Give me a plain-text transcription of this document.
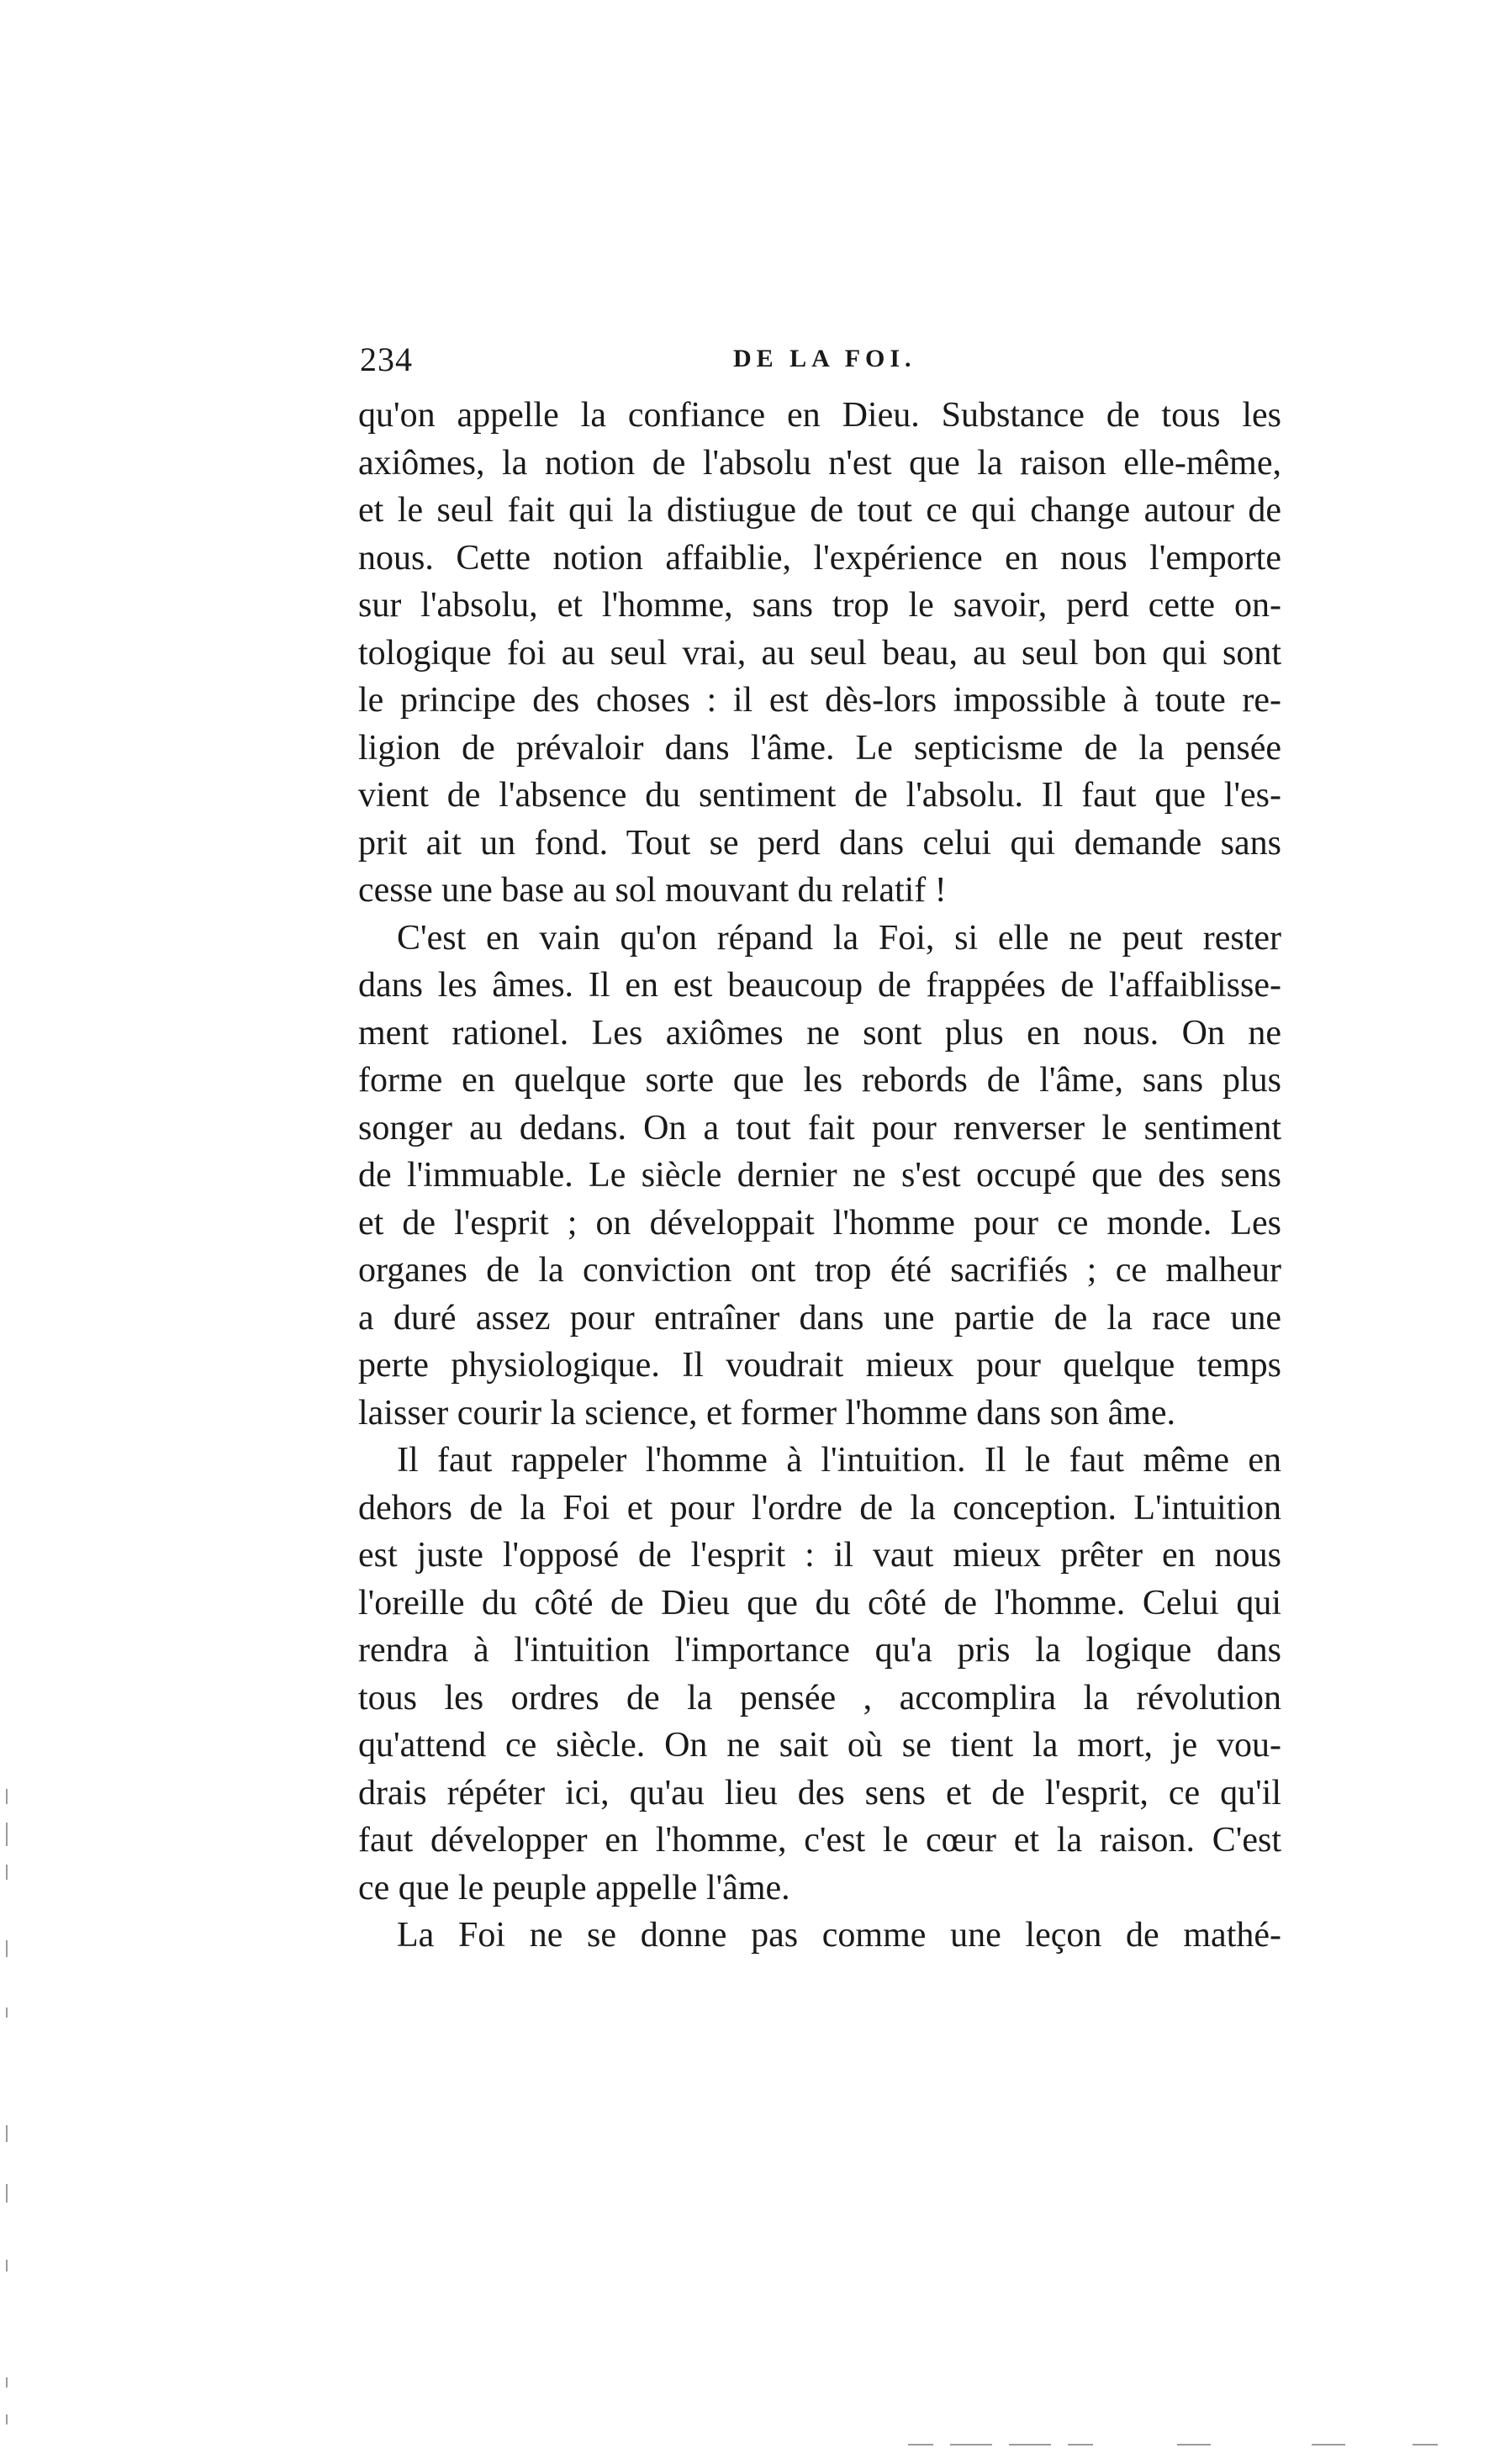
234	DE LA FOI.
qu'on appelle la confiance en Dieu. Substance de tous les
axiômes, la notion de l'absolu n'est que la raison elle-même,
et le seul fait qui la distiugue de tout ce qui change autour de
nous. Cette notion affaiblie, l'expérience en nous l'emporte
sur l'absolu, et l'homme, sans trop le savoir, perd cette on-
tologique foi au seul vrai, au seul beau, au seul bon qui sont
le principe des choses : il est dès-lors impossible à toute re-
ligion de prévaloir dans l'âme. Le septicisme de la pensée
vient de l'absence du sentiment de l'absolu. Il faut que l'es-
prit ait un fond. Tout se perd dans celui qui demande sans
cesse une base au sol mouvant du relatif !
C'est en vain qu'on répand la Foi, si elle ne peut rester
dans les âmes. Il en est beaucoup de frappées de l'affaiblisse-
ment rationel. Les axiômes ne sont plus en nous. On ne
forme en quelque sorte que les rebords de l'âme, sans plus
songer au dedans. On a tout fait pour renverser le sentiment
de l'immuable. Le siècle dernier ne s'est occupé que des sens
et de l'esprit ; on développait l'homme pour ce monde. Les
organes de la conviction ont trop été sacrifiés ; ce malheur
a duré assez pour entraîner dans une partie de la race une
perte physiologique. Il voudrait mieux pour quelque temps
laisser courir la science, et former l'homme dans son âme.
Il faut rappeler l'homme à l'intuition. Il le faut même en
dehors de la Foi et pour l'ordre de la conception. L'intuition
est juste l'opposé de l'esprit : il vaut mieux prêter en nous
l'oreille du côté de Dieu que du côté de l'homme. Celui qui
rendra à l'intuition l'importance qu'a pris la logique dans
tous les ordres de la pensée , accomplira la révolution
qu'attend ce siècle. On ne sait où se tient la mort, je vou-
drais répéter ici, qu'au lieu des sens et de l'esprit, ce qu'il
faut développer en l'homme, c'est le cœur et la raison. C'est
ce que le peuple appelle l'âme.
La Foi ne se donne pas comme une leçon de mathé-
